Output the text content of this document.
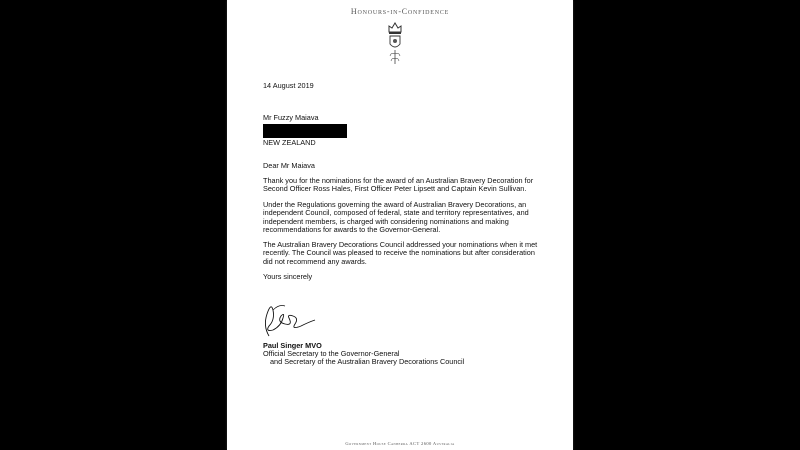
Honours-in-Confidence
14 August 2019
Mr Fuzzy Maiava
NEW ZEALAND
Dear Mr Maiava
Thank you for the nominations for the award of an Australian Bravery Decoration for
Second Officer Ross Hales, First Officer Peter Lipsett and Captain Kevin Sullivan.
Under the Regulations governing the award of Australian Bravery Decorations, an
independent Council, composed of federal, state and territory representatives, and
independent members, is charged with considering nominations and making
recommendations for awards to the Governor-General.
The Australian Bravery Decorations Council addressed your nominations when it met
recently. The Council was pleased to receive the nominations but after consideration
did not recommend any awards.
Yours sincerely
Paul Singer MVO
Official Secretary to the Governor-General
and Secretary of the Australian Bravery Decorations Council
Government House Canberra ACT 2600 Australia
